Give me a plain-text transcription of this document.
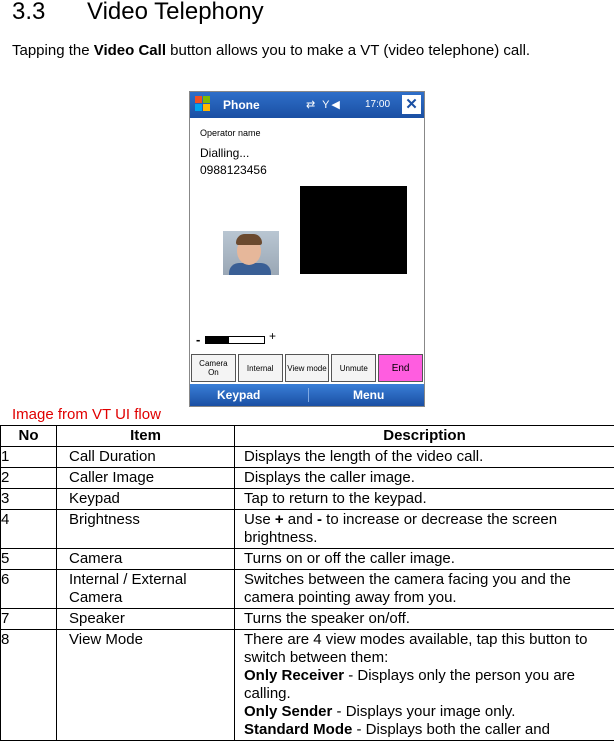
3.3 Video Telephony
Tapping the Video Call button allows you to make a VT (video telephone) call.
Phone	⇄ Y◀ 17:00 ✕
Operator name
Dialling...
0988123456
-	+
Camera On	Internal	View mode	Unmute	End
Keypad	Menu
Image from VT UI flow
No	Item	Description
1	Call Duration	Displays the length of the video call.
2	Caller Image	Displays the caller image.
3	Keypad	Tap to return to the keypad.
4	Brightness	Use + and - to increase or decrease the screen brightness.
5	Camera	Turns on or off the caller image.
6	Internal / External Camera	Switches between the camera facing you and the camera pointing away from you.
7	Speaker	Turns the speaker on/off.
8	View Mode	There are 4 view modes available, tap this button to switch between them:
Only Receiver - Displays only the person you are calling.
Only Sender - Displays your image only.
Standard Mode - Displays both the caller and
